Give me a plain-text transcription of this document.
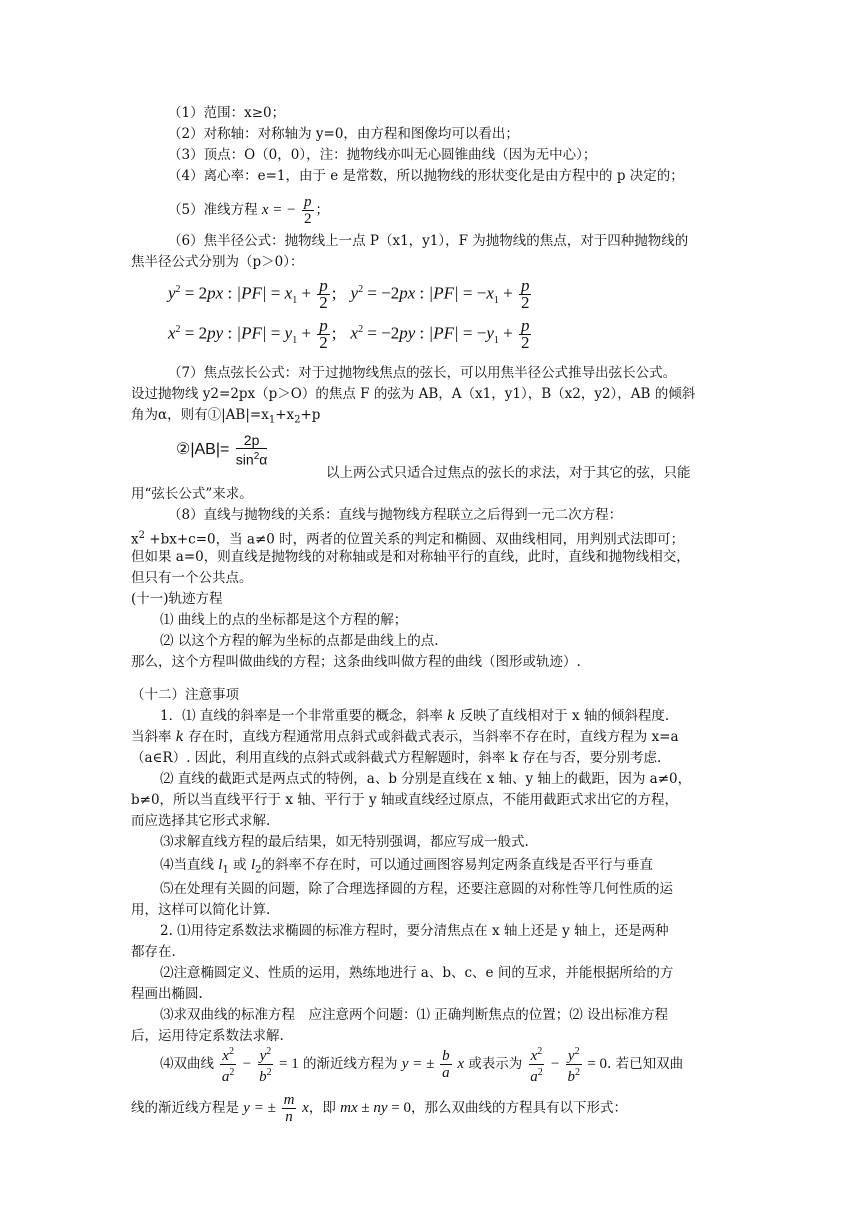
（1）范围：x≥0；
（2）对称轴：对称轴为 y=0，由方程和图像均可以看出；
（3）顶点：O（0，0），注：抛物线亦叫无心圆锥曲线（因为无中心）；
（4）离心率：e=1，由于 e 是常数，所以抛物线的形状变化是由方程中的 p 决定的；
（5）准线方程 x = − $\frac{p}{2}$ ；
（6）焦半径公式：抛物线上一点 P（x1，y1），F 为抛物线的焦点，对于四种抛物线的
焦半径公式分别为（p＞0）：
$y^2 = 2px$ : $|PF| = x_1 + \frac{p}{2}$ ; $y^2 = -2px$ : $|PF| = -x_1 + \frac{p}{2}$
$x^2 = 2py$ : $|PF| = y_1 + \frac{p}{2}$ ; $x^2 = -2py$ : $|PF| = -y_1 + \frac{p}{2}$
（7）焦点弦长公式：对于过抛物线焦点的弦长，可以用焦半径公式推导出弦长公式。
设过抛物线 y2=2px（p＞O）的焦点 F 的弦为 AB，A（x1，y1），B（x2，y2），AB 的倾斜
角为α，则有$①|AB|=x_1+x_2+p$
②|AB|= $\frac{2p}{\sin^2\alpha}$
以上两公式只适合过焦点的弦长的求法，对于其它的弦，只能
用“弦长公式”来求。
（8）直线与抛物线的关系：直线与抛物线方程联立之后得到一元二次方程：
$x^2 +bx+c=0$，当 a≠0 时，两者的位置关系的判定和椭圆、双曲线相同，用判别式法即可；
但如果 a=0，则直线是抛物线的对称轴或是和对称轴平行的直线，此时，直线和抛物线相交，
但只有一个公共点。
(十一)轨迹方程
⑴ 曲线上的点的坐标都是这个方程的解；
⑵ 以这个方程的解为坐标的点都是曲线上的点.
那么，这个方程叫做曲线的方程；这条曲线叫做方程的曲线（图形或轨迹）.
（十二）注意事项
1．⑴ 直线的斜率是一个非常重要的概念，斜率 k 反映了直线相对于 x 轴的倾斜程度.
当斜率 k 存在时，直线方程通常用点斜式或斜截式表示，当斜率不存在时，直线方程为 x=a
（a∈R）. 因此，利用直线的点斜式或斜截式方程解题时，斜率 k 存在与否，要分别考虑.
⑵ 直线的截距式是两点式的特例，a、b 分别是直线在 x 轴、y 轴上的截距，因为 a≠0，
b≠0，所以当直线平行于 x 轴、平行于 y 轴或直线经过原点，不能用截距式求出它的方程，
而应选择其它形式求解.
⑶求解直线方程的最后结果，如无特别强调，都应写成一般式.
⑷当直线 $l_1$ 或 $l_2$的斜率不存在时，可以通过画图容易判定两条直线是否平行与垂直
⑸在处理有关圆的问题，除了合理选择圆的方程，还要注意圆的对称性等几何性质的运
用，这样可以简化计算.
2. ⑴用待定系数法求椭圆的标准方程时，要分清焦点在 x 轴上还是 y 轴上，还是两种
都存在.
⑵注意椭圆定义、性质的运用，熟练地进行 a、b、c、e 间的互求，并能根据所给的方
程画出椭圆.
⑶求双曲线的标准方程　应注意两个问题：⑴ 正确判断焦点的位置；⑵ 设出标准方程
后，运用待定系数法求解.
⑷双曲线 $\frac{x^2}{a^2} - \frac{y^2}{b^2} = 1$ 的渐近线方程为 y = ± $\frac{b}{a}$ x 或表示为 $\frac{x^2}{a^2} - \frac{y^2}{b^2} = 0$. 若已知双曲
线的渐近线方程是 y = ± $\frac{m}{n}$ x，即 mx ± ny = 0，那么双曲线的方程具有以下形式：
